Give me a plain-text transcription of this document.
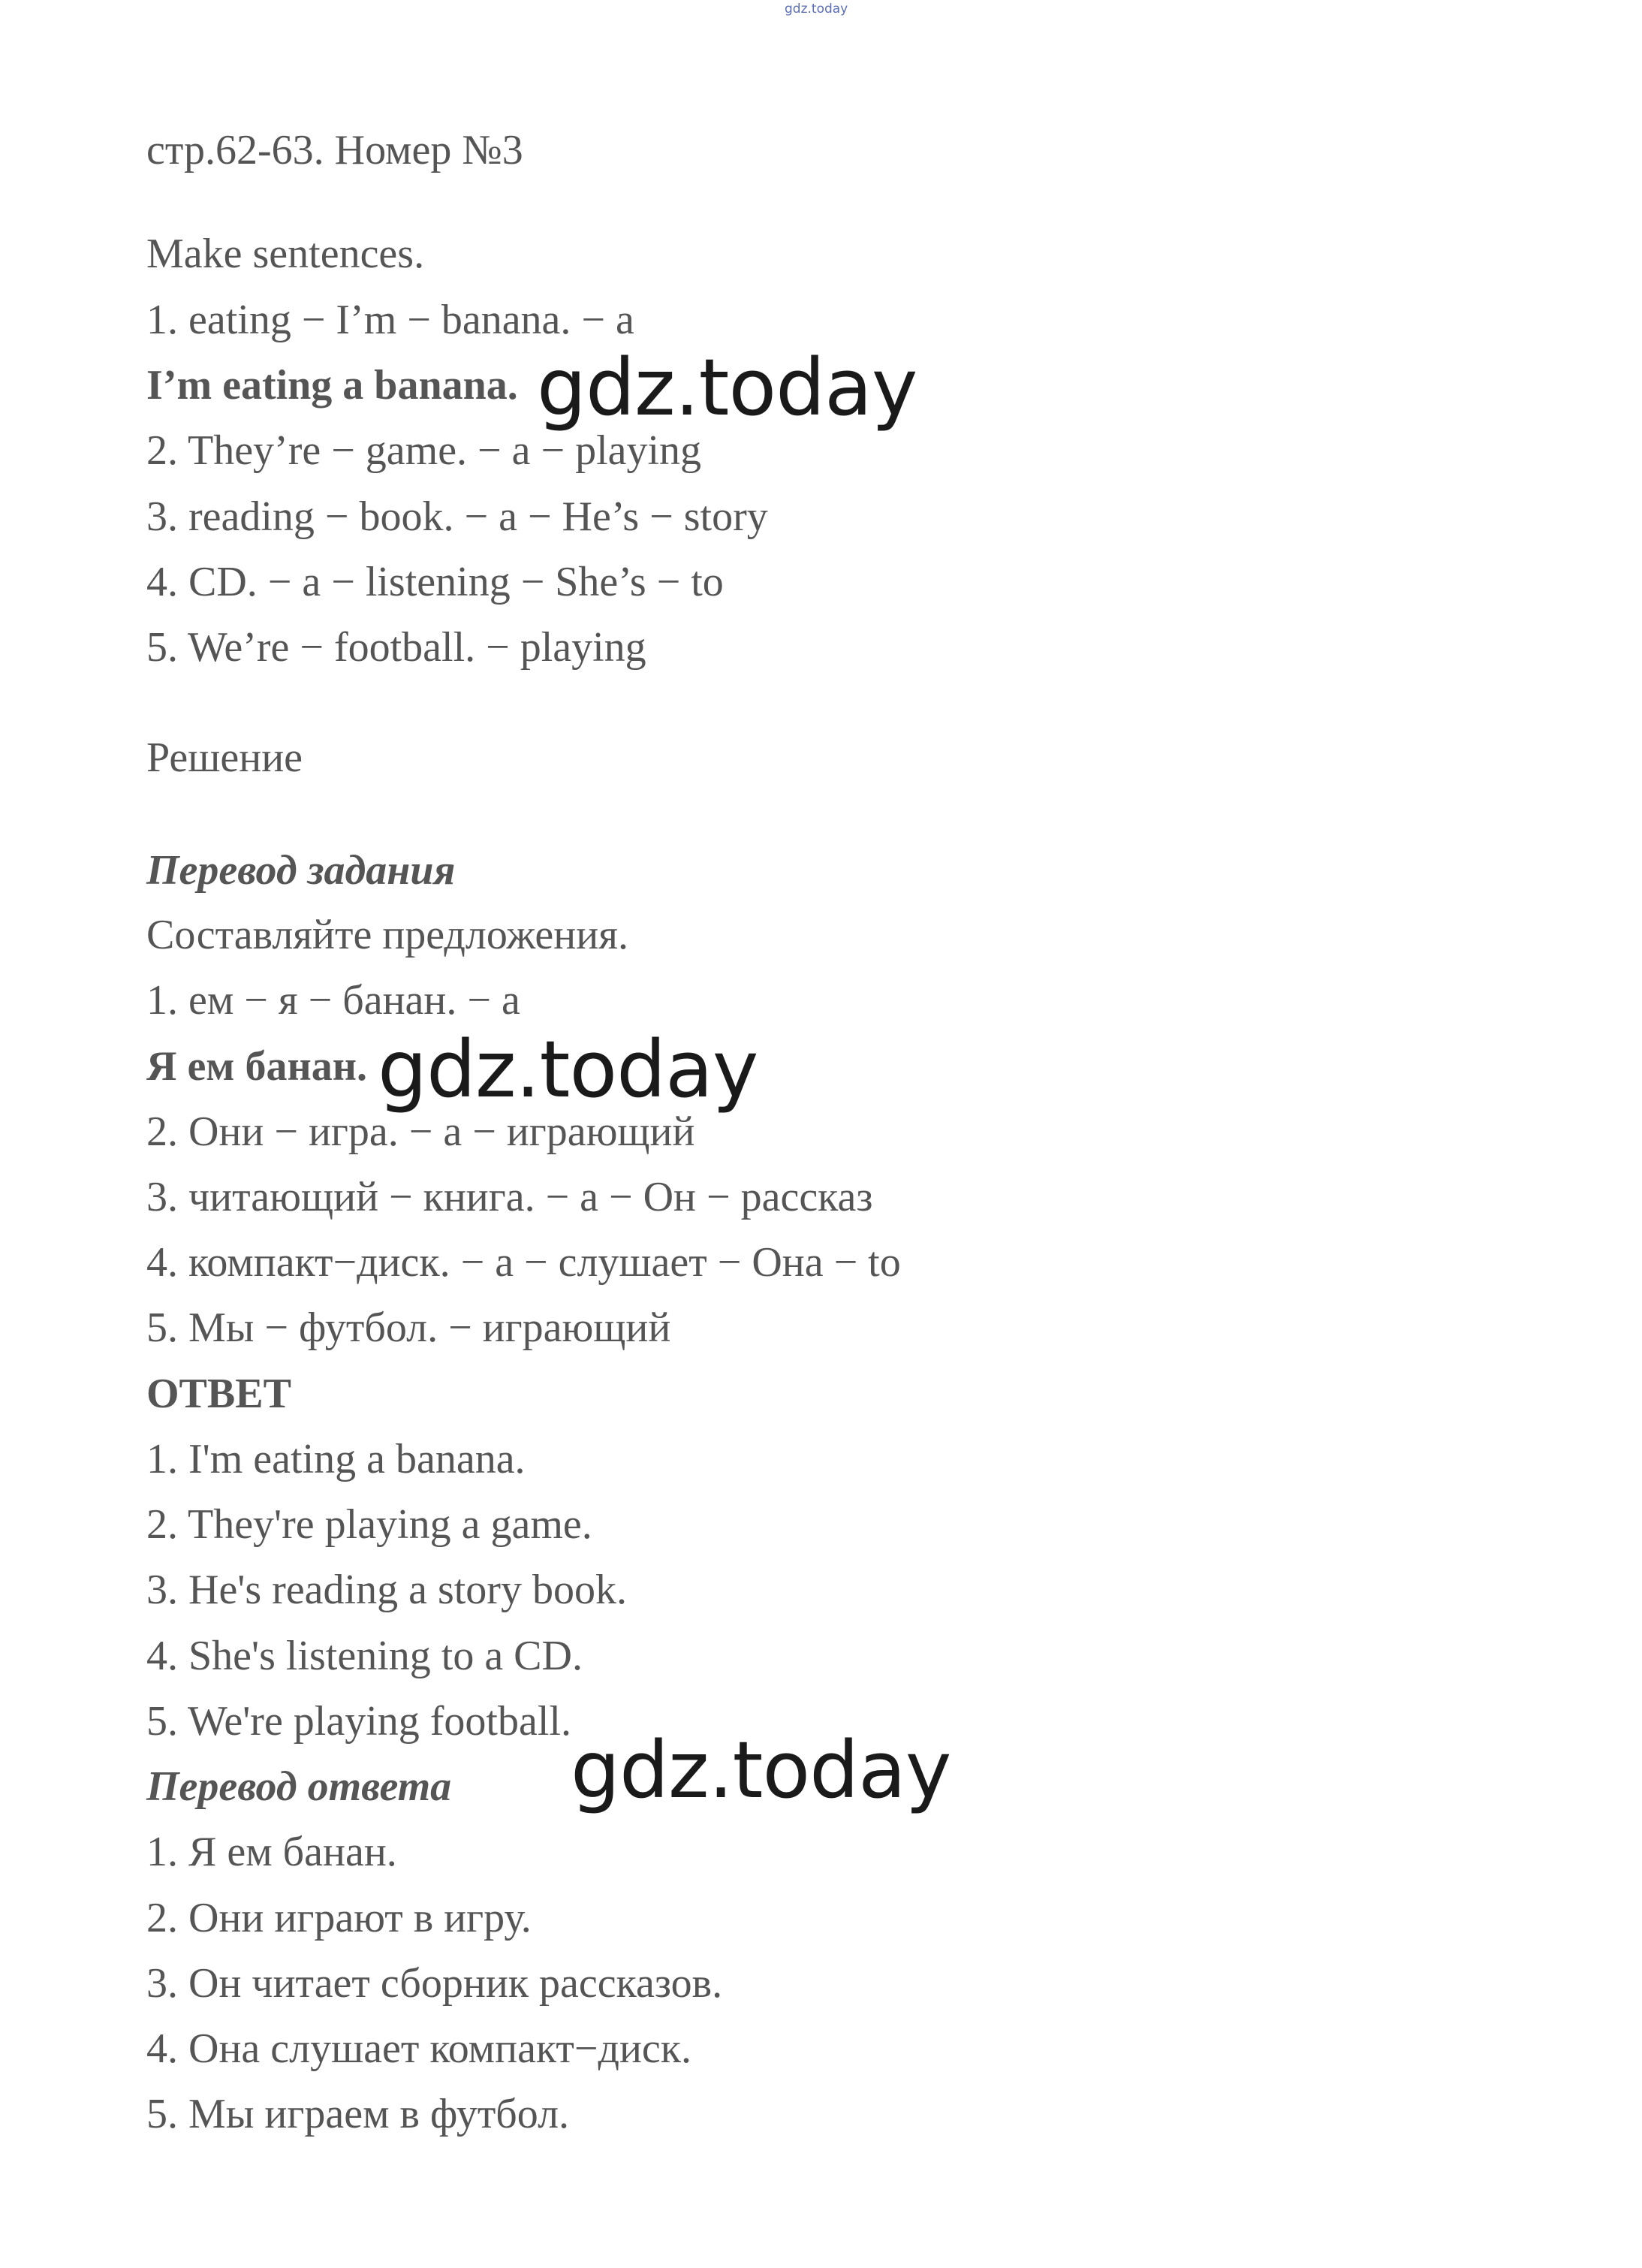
gdz.today
стр.62-63. Номер №3
Make sentences.
1. eating − I’m − banana. − a
I’m eating a banana.
2. They’re − game. − a − playing
3. reading − book. − a − He’s − story
4. CD. − a − listening − She’s − to
5. We’re − football. − playing
Решение
Перевод задания
Составляйте предложения.
1. ем − я − банан. − а
Я ем банан.
2. Они − игра. − а − играющий
3. читающий − книга. − а − Он − рассказ
4. компакт−диск. − а − слушает − Она − to
5. Мы − футбол. − играющий
ОТВЕТ
1. I'm eating a banana.
2. They're playing a game.
3. He's reading a story book.
4. She's listening to a CD.
5. We're playing football.
Перевод ответа
1. Я ем банан.
2. Они играют в игру.
3. Он читает сборник рассказов.
4. Она слушает компакт−диск.
5. Мы играем в футбол.
gdz.today
gdz.today
gdz.today
